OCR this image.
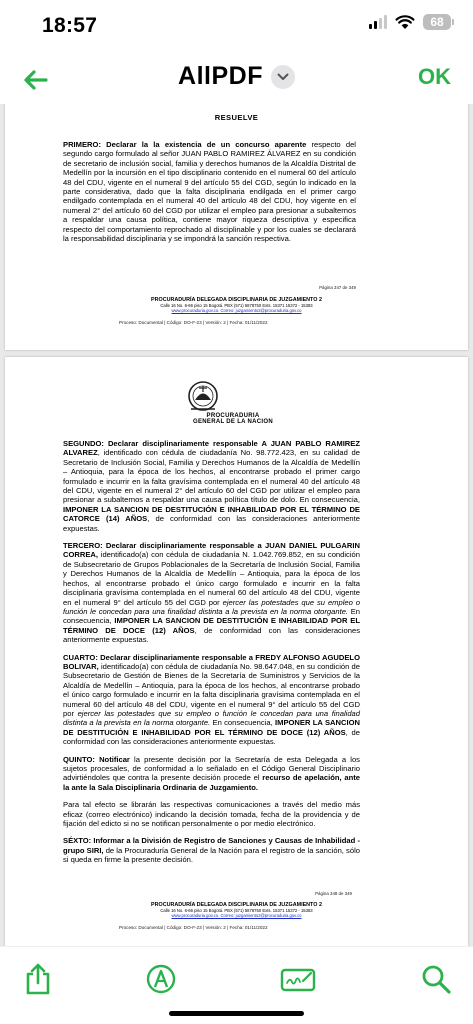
18:57	68
AllPDF	OK
RESUELVE

PRIMERO: Declarar la la existencia de un concurso aparente respecto del segundo cargo formulado al señor JUAN PABLO RAMIREZ ÁLVAREZ en su condición de secretario de inclusión social, familia y derechos humanos de la Alcaldía Distrital de Medellín por la incursión en el tipo disciplinario contenido en el numeral 60 del artículo 48 del CDU, vigente en el numeral 9 del artículo 55 del CGD, según lo indicado en la parte considerativa, dado que la falta disciplinaria endilgada en el primer cargo endilgado contemplada en el numeral 40 del artículo 48 del CDU, hoy vigente en el numeral 2° del artículo 60 del CGD por utilizar el empleo para presionar a subalternos a respaldar una causa política, contiene mayor riqueza descriptiva y especifica respecto del comportamiento reprochado al disciplinable y por los cuales se declarará la responsabilidad disciplinaria y se impondrá la sanción respectiva.

Página 347 de 349
PROCURADURÍA DELEGADA DISCIPLINARIA DE JUZGAMIENTO 2
Calle 16 No. 6-66 piso 15 Bogotá. PBX (571) 5878750 Exts. 15371 15372 - 15383
www.procuraduria.gov.co. Correo: juzgamiento2@procuraduria.gov.co
Proceso: Documental | Código: DO-F-23 | Versión: 2 | Fecha: 01/11/2022
PROCURADURIA
GENERAL DE LA NACION

SEGUNDO: Declarar disciplinariamente responsable A JUAN PABLO RAMIREZ ALVAREZ, identificado con cédula de ciudadanía No. 98.772.423, en su calidad de Secretario de Inclusión Social, Familia y Derechos Humanos de la Alcaldía de Medellín – Antioquia, para la época de los hechos, al encontrarse probado el primer cargo formulado e incurrir en la falta gravísima contemplada en el numeral 40 del artículo 48 del CDU, vigente en el numeral 2° del artículo 60 del CGD por utilizar el empleo para presionar a subalternos a respaldar una causa política título de dolo. En consecuencia, IMPONER LA SANCION DE DESTITUCIÓN E INHABILIDAD POR EL TÉRMINO DE CATORCE (14) AÑOS, de conformidad con las consideraciones anteriormente expuestas.

TERCERO: Declarar disciplinariamente responsable a JUAN DANIEL PULGARIN CORREA, identificado(a) con cédula de ciudadanía N. 1.042.769.852, en su condición de Subsecretario de Grupos Poblacionales de la Secretaría de Inclusión Social, Familia y Derechos Humanos de la Alcaldía de Medellín – Antioquia, para la época de los hechos, al encontrarse probado el único cargo formulado e incurrir en la falta disciplinaria gravísima contemplada en el numeral 60 del artículo 48 del CDU, vigente en el numeral 9° del artículo 55 del CGD por ejercer las potestades que su empleo o función le concedan para una finalidad distinta a la prevista en la norma otorgante. En consecuencia, IMPONER LA SANCION DE DESTITUCIÓN E INHABILIDAD POR EL TÉRMINO DE DOCE (12) AÑOS, de conformidad con las consideraciones anteriormente expuestas.

CUARTO: Declarar disciplinariamente responsable a FREDY ALFONSO AGUDELO BOLIVAR, identificado(a) con cédula de ciudadanía No. 98.647.048, en su condición de Subsecretario de Gestión de Bienes de la Secretaría de Suministros y Servicios de la Alcaldía de Medellín – Antioquia, para la época de los hechos, al encontrarse probado el único cargo formulado e incurrir en la falta disciplinaria gravísima contemplada en el numeral 60 del artículo 48 del CDU, vigente en el numeral 9° del artículo 55 del CGD por ejercer las potestades que su empleo o función le concedan para una finalidad distinta a la prevista en la norma otorgante. En consecuencia, IMPONER LA SANCION DE DESTITUCIÓN E INHABILIDAD POR EL TÉRMINO DE DOCE (12) AÑOS, de conformidad con las consideraciones anteriormente expuestas.

QUINTO: Notificar la presente decisión por la Secretaría de esta Delegada a los sujetos procesales, de conformidad a lo señalado en el Código General Disciplinario advirtiéndoles que contra la presente decisión procede el recurso de apelación, ante la ante la Sala Disciplinaria Ordinaria de Juzgamiento.

Para tal efecto se librarán las respectivas comunicaciones a través del medio más eficaz (correo electrónico) indicando la decisión tomada, fecha de la providencia y de fijación del edicto si no se notifican personalmente o por medio electrónico.

SÉXTO: Informar a la División de Registro de Sanciones y Causas de Inhabilidad - grupo SIRI, de la Procuraduría General de la Nación para el registro de la sanción, sólo si queda en firme la presente decisión.

Página 348 de 349
PROCURADURÍA DELEGADA DISCIPLINARIA DE JUZGAMIENTO 2
Calle 16 No. 6-66 piso 15 Bogotá. PBX (571) 5878750 Exts. 15371 15372 - 15383
www.procuraduria.gov.co. Correo: juzgamiento2@procuraduria.gov.co
Proceso: Documental | Código: DO-F-23 | Versión: 2 | Fecha: 01/11/2022
